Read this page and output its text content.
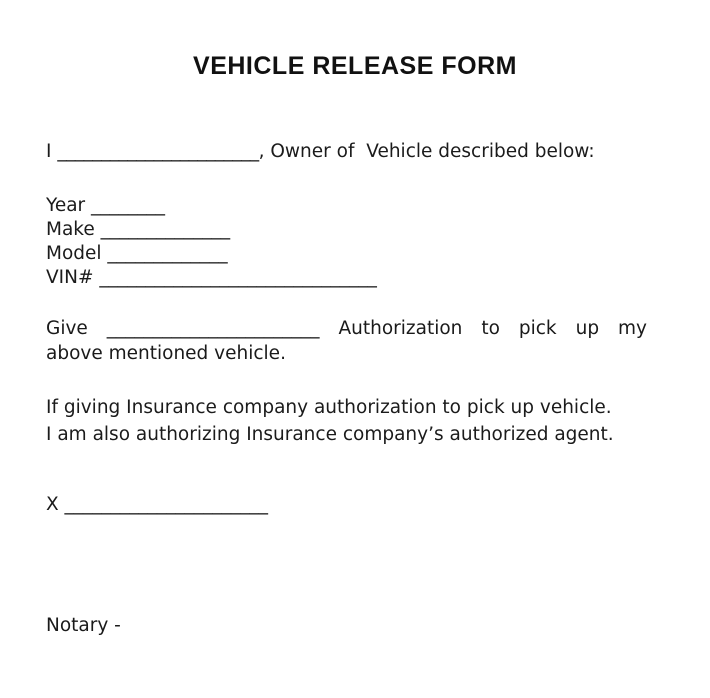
VEHICLE RELEASE FORM
I _______________________, Owner of  Vehicle described below:
Year ________
Make ______________
Model _____________
VIN# ______________________________
Give _______________________ Authorization to pick up my
above mentioned vehicle.
If giving Insurance company authorization to pick up vehicle.
I am also authorizing Insurance company’s authorized agent.
X ______________________
Notary -
